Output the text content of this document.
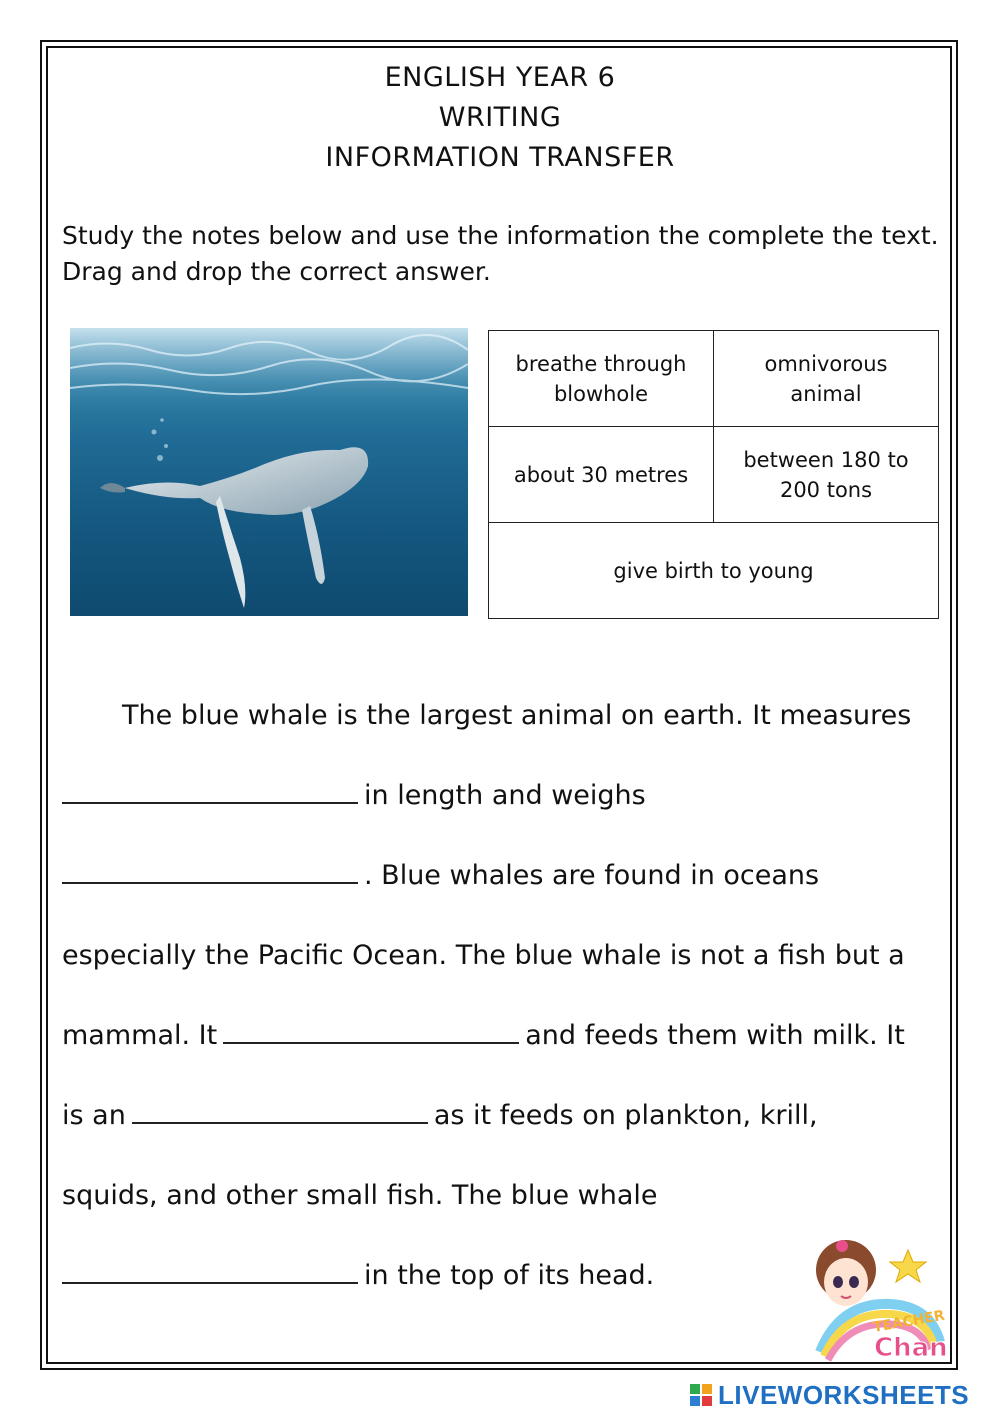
ENGLISH YEAR 6
WRITING
INFORMATION TRANSFER
Study the notes below and use the information the complete the text.
Drag and drop the correct answer.
breathe through blowhole	omnivorous animal
about 30 metres	between 180 to 200 tons
give birth to young	
The blue whale is the largest animal on earth. It measures
in length and weighs
. Blue whales are found in oceans
especially the Pacific Ocean. The blue whale is not a fish but a
mammal. It	and feeds them with milk. It
is an	as it feeds on plankton, krill,
squids, and other small fish. The blue whale
in the top of its head.
TEACHER
Chan
LIVEWORKSHEETS
